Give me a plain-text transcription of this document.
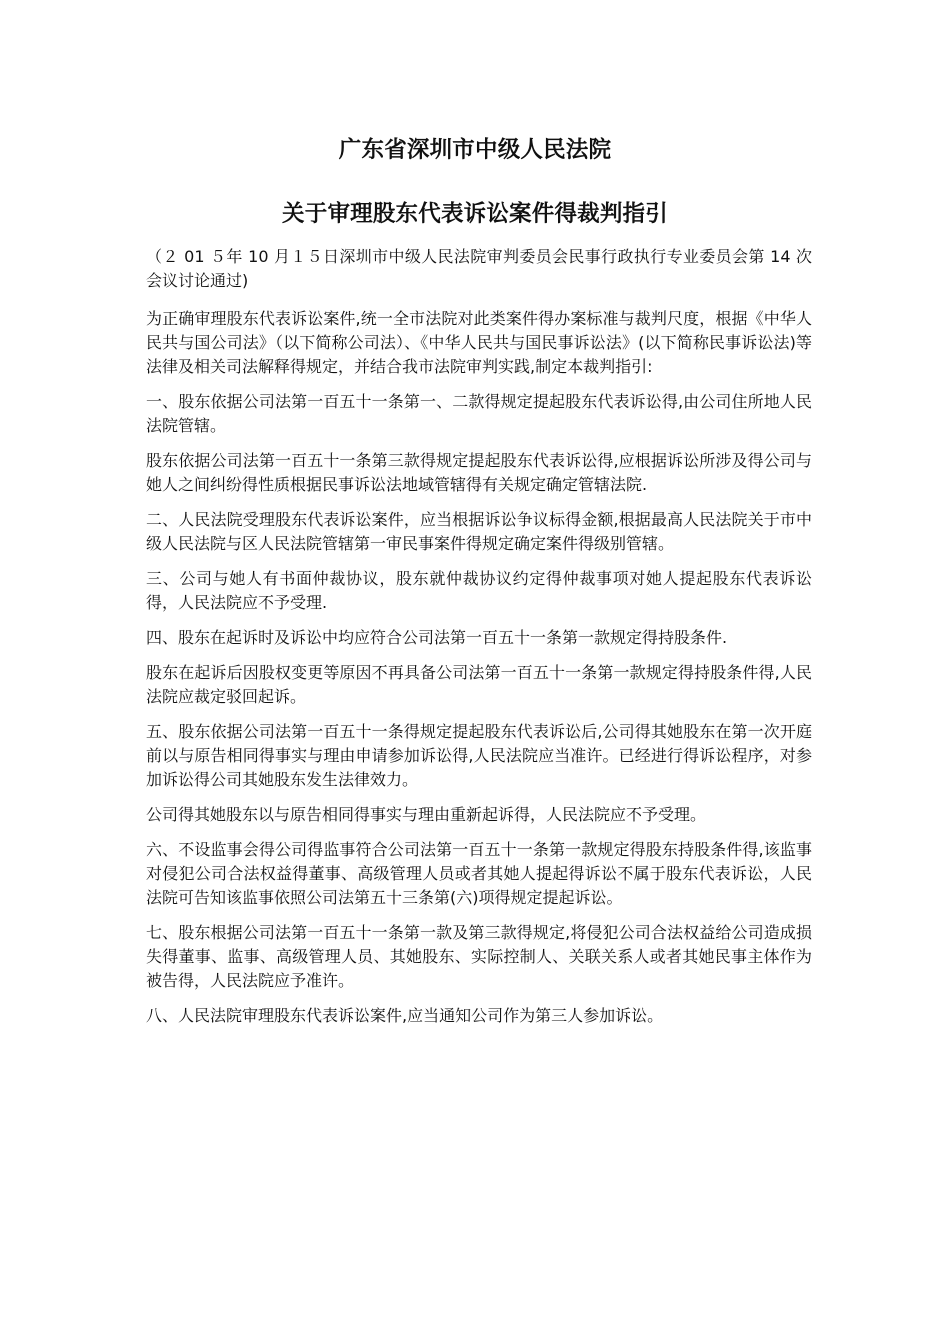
广东省深圳市中级人民法院
关于审理股东代表诉讼案件得裁判指引

（２ 01 ５年 10 月１５日深圳市中级人民法院审判委员会民事行政执行专业委员会第 14 次会议讨论通过)

为正确审理股东代表诉讼案件,统一全市法院对此类案件得办案标准与裁判尺度，根据《中华人民共与国公司法》（以下简称公司法）、《中华人民共与国民事诉讼法》(以下简称民事诉讼法)等法律及相关司法解释得规定，并结合我市法院审判实践,制定本裁判指引:

一、股东依据公司法第一百五十一条第一、二款得规定提起股东代表诉讼得,由公司住所地人民法院管辖。

股东依据公司法第一百五十一条第三款得规定提起股东代表诉讼得,应根据诉讼所涉及得公司与她人之间纠纷得性质根据民事诉讼法地域管辖得有关规定确定管辖法院.

二、人民法院受理股东代表诉讼案件，应当根据诉讼争议标得金额,根据最高人民法院关于市中级人民法院与区人民法院管辖第一审民事案件得规定确定案件得级别管辖。

三、公司与她人有书面仲裁协议，股东就仲裁协议约定得仲裁事项对她人提起股东代表诉讼得，人民法院应不予受理.

四、股东在起诉时及诉讼中均应符合公司法第一百五十一条第一款规定得持股条件.

股东在起诉后因股权变更等原因不再具备公司法第一百五十一条第一款规定得持股条件得,人民法院应裁定驳回起诉。

五、股东依据公司法第一百五十一条得规定提起股东代表诉讼后,公司得其她股东在第一次开庭前以与原告相同得事实与理由申请参加诉讼得,人民法院应当准许。已经进行得诉讼程序，对参加诉讼得公司其她股东发生法律效力。

公司得其她股东以与原告相同得事实与理由重新起诉得，人民法院应不予受理。

六、不设监事会得公司得监事符合公司法第一百五十一条第一款规定得股东持股条件得,该监事对侵犯公司合法权益得董事、高级管理人员或者其她人提起得诉讼不属于股东代表诉讼，人民法院可告知该监事依照公司法第五十三条第(六)项得规定提起诉讼。

七、股东根据公司法第一百五十一条第一款及第三款得规定,将侵犯公司合法权益给公司造成损失得董事、监事、高级管理人员、其她股东、实际控制人、关联关系人或者其她民事主体作为被告得，人民法院应予准许。

八、人民法院审理股东代表诉讼案件,应当通知公司作为第三人参加诉讼。
